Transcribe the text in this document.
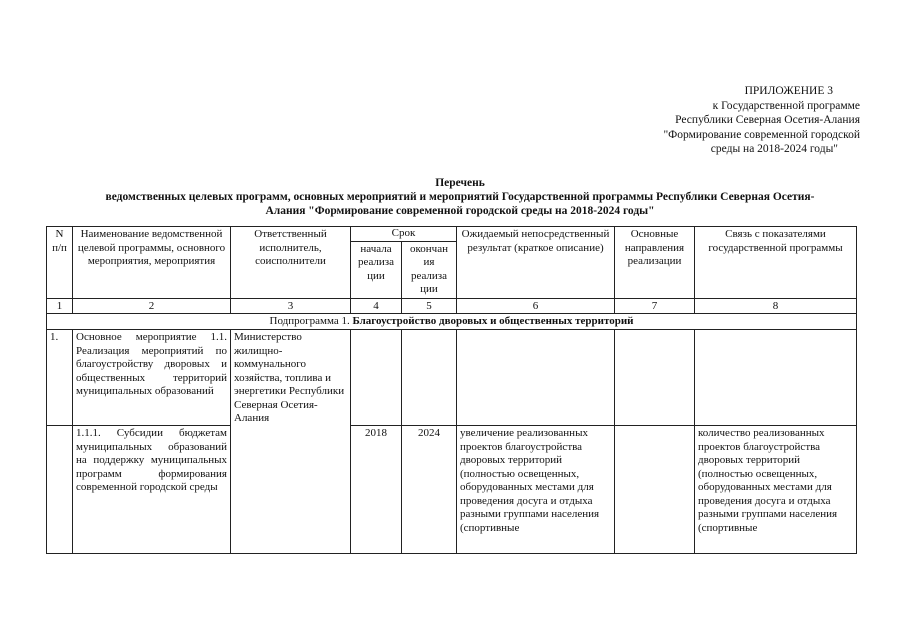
ПРИЛОЖЕНИЕ 3
к Государственной программе
Республики Северная Осетия-Алания
"Формирование современной городской
среды на 2018-2024 годы"
Перечень
ведомственных целевых программ, основных мероприятий и мероприятий Государственной программы Республики Северная Осетия-
Алания "Формирование современной городской среды на 2018-2024 годы"
N п/п	Наименование ведомственной целевой программы, основного мероприятия, мероприятия	Ответственный исполнитель, соисполнители	Срок		Ожидаемый непосредственный результат (краткое описание)	Основные направления реализации	Связь с показателями государственной программы
			начала реализа ции	окончан ия реализа ции			
1	2	3	4	5	6	7	8
Подпрограмма 1. Благоустройство дворовых и общественных территорий							
1.	Основное мероприятие 1.1. Реализация мероприятий по благоустройству дворовых и общественных территорий муниципальных образований	Министерство жилищно-коммунального хозяйства, топлива и энергетики Республики Северная Осетия-Алания					
	1.1.1. Субсидии бюджетам муниципальных образований на поддержку муниципальных программ формирования современной городской среды		2018	2024	увеличение реализованных проектов благоустройства дворовых территорий (полностью освещенных, оборудованных местами для проведения досуга и отдыха разными группами населения (спортивные		количество реализованных проектов благоустройства дворовых территорий (полностью освещенных, оборудованных местами для проведения досуга и отдыха разными группами населения (спортивные
